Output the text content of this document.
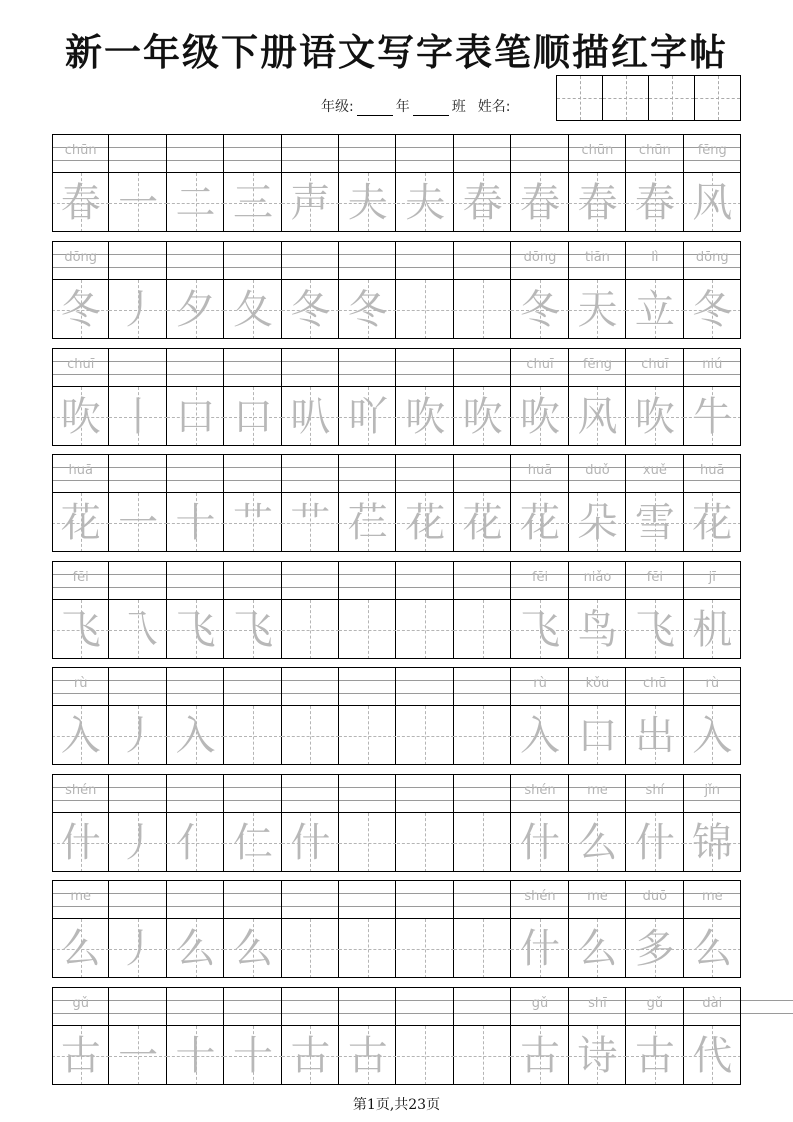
新一年级下册语文写字表笔顺描红字帖
年级:	年	班 姓名:
chūn
春 一 二 三 声 夫 夫 春 春
chūn
春
chūn
春
fēng
风
dōng
冬 丿 夕 夂 冬 冬
dōng
冬
tiān
天
lì
立
dōng
冬
chuī
吹 丨 口 口 叭 吖 吹 吹
chuī
吹
fēng
风
chuī
吹
niú
牛
huā
花 一 十 艹 艹 芢 花 花
huā
花
duǒ
朵
xuě
雪
huā
花
fēi
飞 乁 飞 飞
fēi
飞
niǎo
鸟
fēi
飞
jī
机
rù
入 丿 入
rù
入
kǒu
口
chū
出
rù
入
shén
什 丿 亻 仁 什
shén
什
me
么
shí
什
jǐn
锦
me
么 丿 么 么
shén
什
me
么
duō
多
me
么
gǔ
古 一 十 十 古 古
gǔ
古
shī
诗
gǔ
古
dài
代
第1页,共23页
